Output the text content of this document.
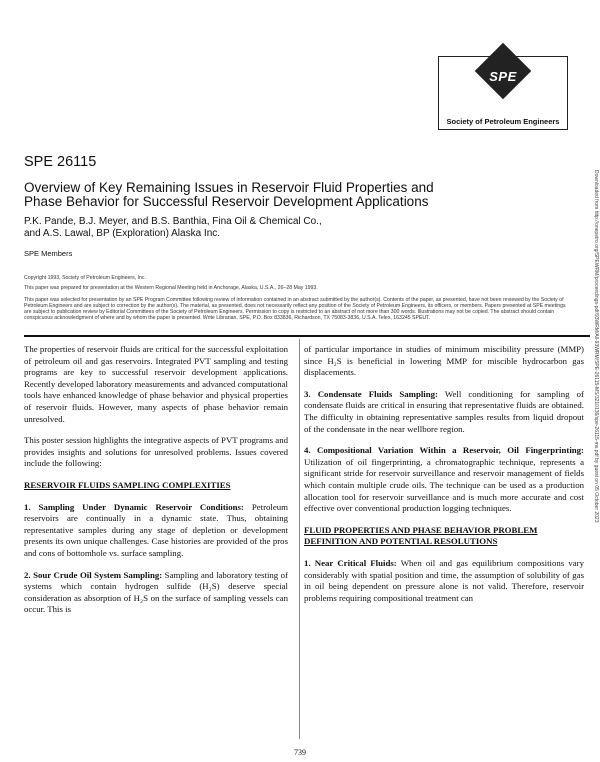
SPE
Society of Petroleum Engineers
SPE 26115
Overview of Key Remaining Issues in Reservoir Fluid Properties and
Phase Behavior for Successful Reservoir Development Applications
P.K. Pande, B.J. Meyer, and B.S. Banthia, Fina Oil & Chemical Co.,
and A.S. Lawal, BP (Exploration) Alaska Inc.
SPE Members
Copyright 1993, Society of Petroleum Engineers, Inc.
This paper was prepared for presentation at the Western Regional Meeting held in Anchorage, Alaska, U.S.A., 26–28 May 1993.
This paper was selected for presentation by an SPE Program Committee following review of information contained in an abstract submitted by the author(s). Contents of the paper, as presented, have not been reviewed by the Society of Petroleum Engineers and are subject to correction by the author(s). The material, as presented, does not necessarily reflect any position of the Society of Petroleum Engineers, its officers, or members. Papers presented at SPE meetings are subject to publication review by Editorial Committees of the Society of Petroleum Engineers. Permission to copy is restricted to an abstract of not more than 300 words. Illustrations may not be copied. The abstract should contain conspicuous acknowledgment of where and by whom the paper is presented. Write Librarian, SPE, P.O. Box 833836, Richardson, TX 75083-3836, U.S.A. Telex, 163245 SPEUT.

The properties of reservoir fluids are critical for the successful exploitation of petroleum oil and gas reservoirs. Integrated PVT sampling and testing programs are key to successful reservoir development applications. Recently developed laboratory measurements and advanced computational tools have enhanced knowledge of phase behavior and physical properties of reservoir fluids. However, many aspects of phase behavior remain unresolved.

This poster session highlights the integrative aspects of PVT programs and provides insights and solutions for unresolved problems. Issues covered include the following:

RESERVOIR FLUIDS SAMPLING COMPLEXITIES

1. Sampling Under Dynamic Reservoir Conditions: Petroleum reservoirs are continually in a dynamic state. Thus, obtaining representative samples during any stage of depletion or development presents its own unique challenges. Case histories are provided of the pros and cons of bottomhole vs. surface sampling.

2. Sour Crude Oil System Sampling: Sampling and laboratory testing of systems which contain hydrogen sulfide (H₂S) deserve special consideration as absorption of H₂S on the surface of sampling vessels can occur. This is

of particular importance in studies of minimum miscibility pressure (MMP) since H₂S is beneficial in lowering MMP for miscible hydrocarbon gas displacements.

3. Condensate Fluids Sampling: Well conditioning for sampling of condensate fluids are critical in ensuring that representative fluids are obtained. The difficulty in obtaining representative samples results from liquid dropout of the condensate in the near wellbore region.

4. Compositional Variation Within a Reservoir, Oil Fingerprinting: Utilization of oil fingerprinting, a chromatographic technique, represents a significant stride for reservoir surveillance and reservoir management of fields which contain multiple crude oils. The technique can be used as a production allocation tool for reservoir surveillance and is much more accurate and cost effective over conventional production logging techniques.

FLUID PROPERTIES AND PHASE BEHAVIOR PROBLEM DEFINITION AND POTENTIAL RESOLUTIONS

1. Near Critical Fluids: When oil and gas equilibrium compositions vary considerably with spatial position and time, the assumption of solubility of gas in oil being dependent on pressure alone is not valid. Therefore, reservoir problems requiring compositional treatment can

739
Downloaded from http://onepetro.org/SPEWRM/proceedings-pdf/93WRM/All-93WRM/SPE-26115-MS/3210136/spe-26115-ms.pdf by guest on 05 October 2023
